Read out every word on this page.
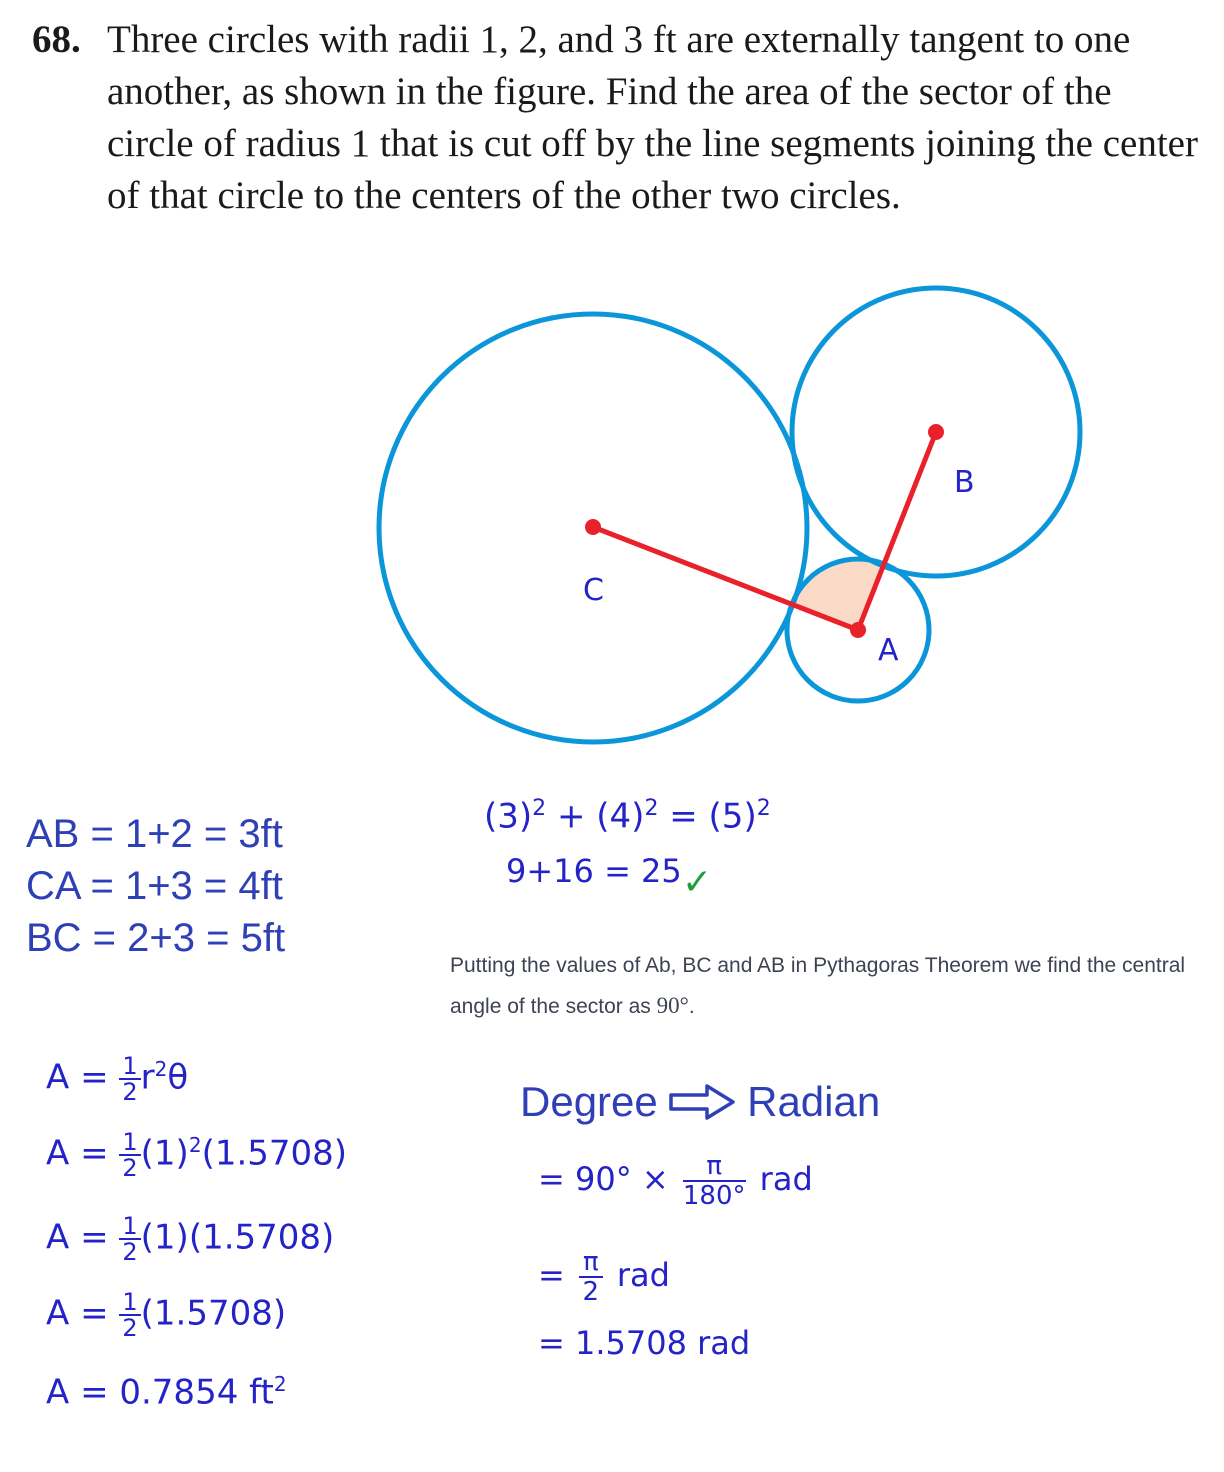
68. Three circles with radii 1, 2, and 3 ft are externally tangent to one another, as shown in the figure. Find the area of the sector of the circle of radius 1 that is cut off by the line segments joining the center of that circle to the centers of the other two circles.
C
B
A
AB = 1+2 = 3ft
CA = 1+3 = 4ft
BC = 2+3 = 5ft
$(3)^2 + (4)^2 = (5)^2$
9+16 = 25 ✓
Putting the values of Ab, BC and AB in Pythagoras Theorem we find the central angle of the sector as 90°.
Degree Radian
= $90^\circ \times \frac{\pi}{180^\circ}$ rad
= $\frac{\pi}{2}$ rad
= 1.5708 rad
$A = \frac{1}{2} r^2\theta$
$A = \frac{1}{2} (1)^2(1.5708)$
$A = \frac{1}{2} (1)(1.5708)$
$A = \frac{1}{2} (1.5708)$
A = 0.7854 $ft^2$
